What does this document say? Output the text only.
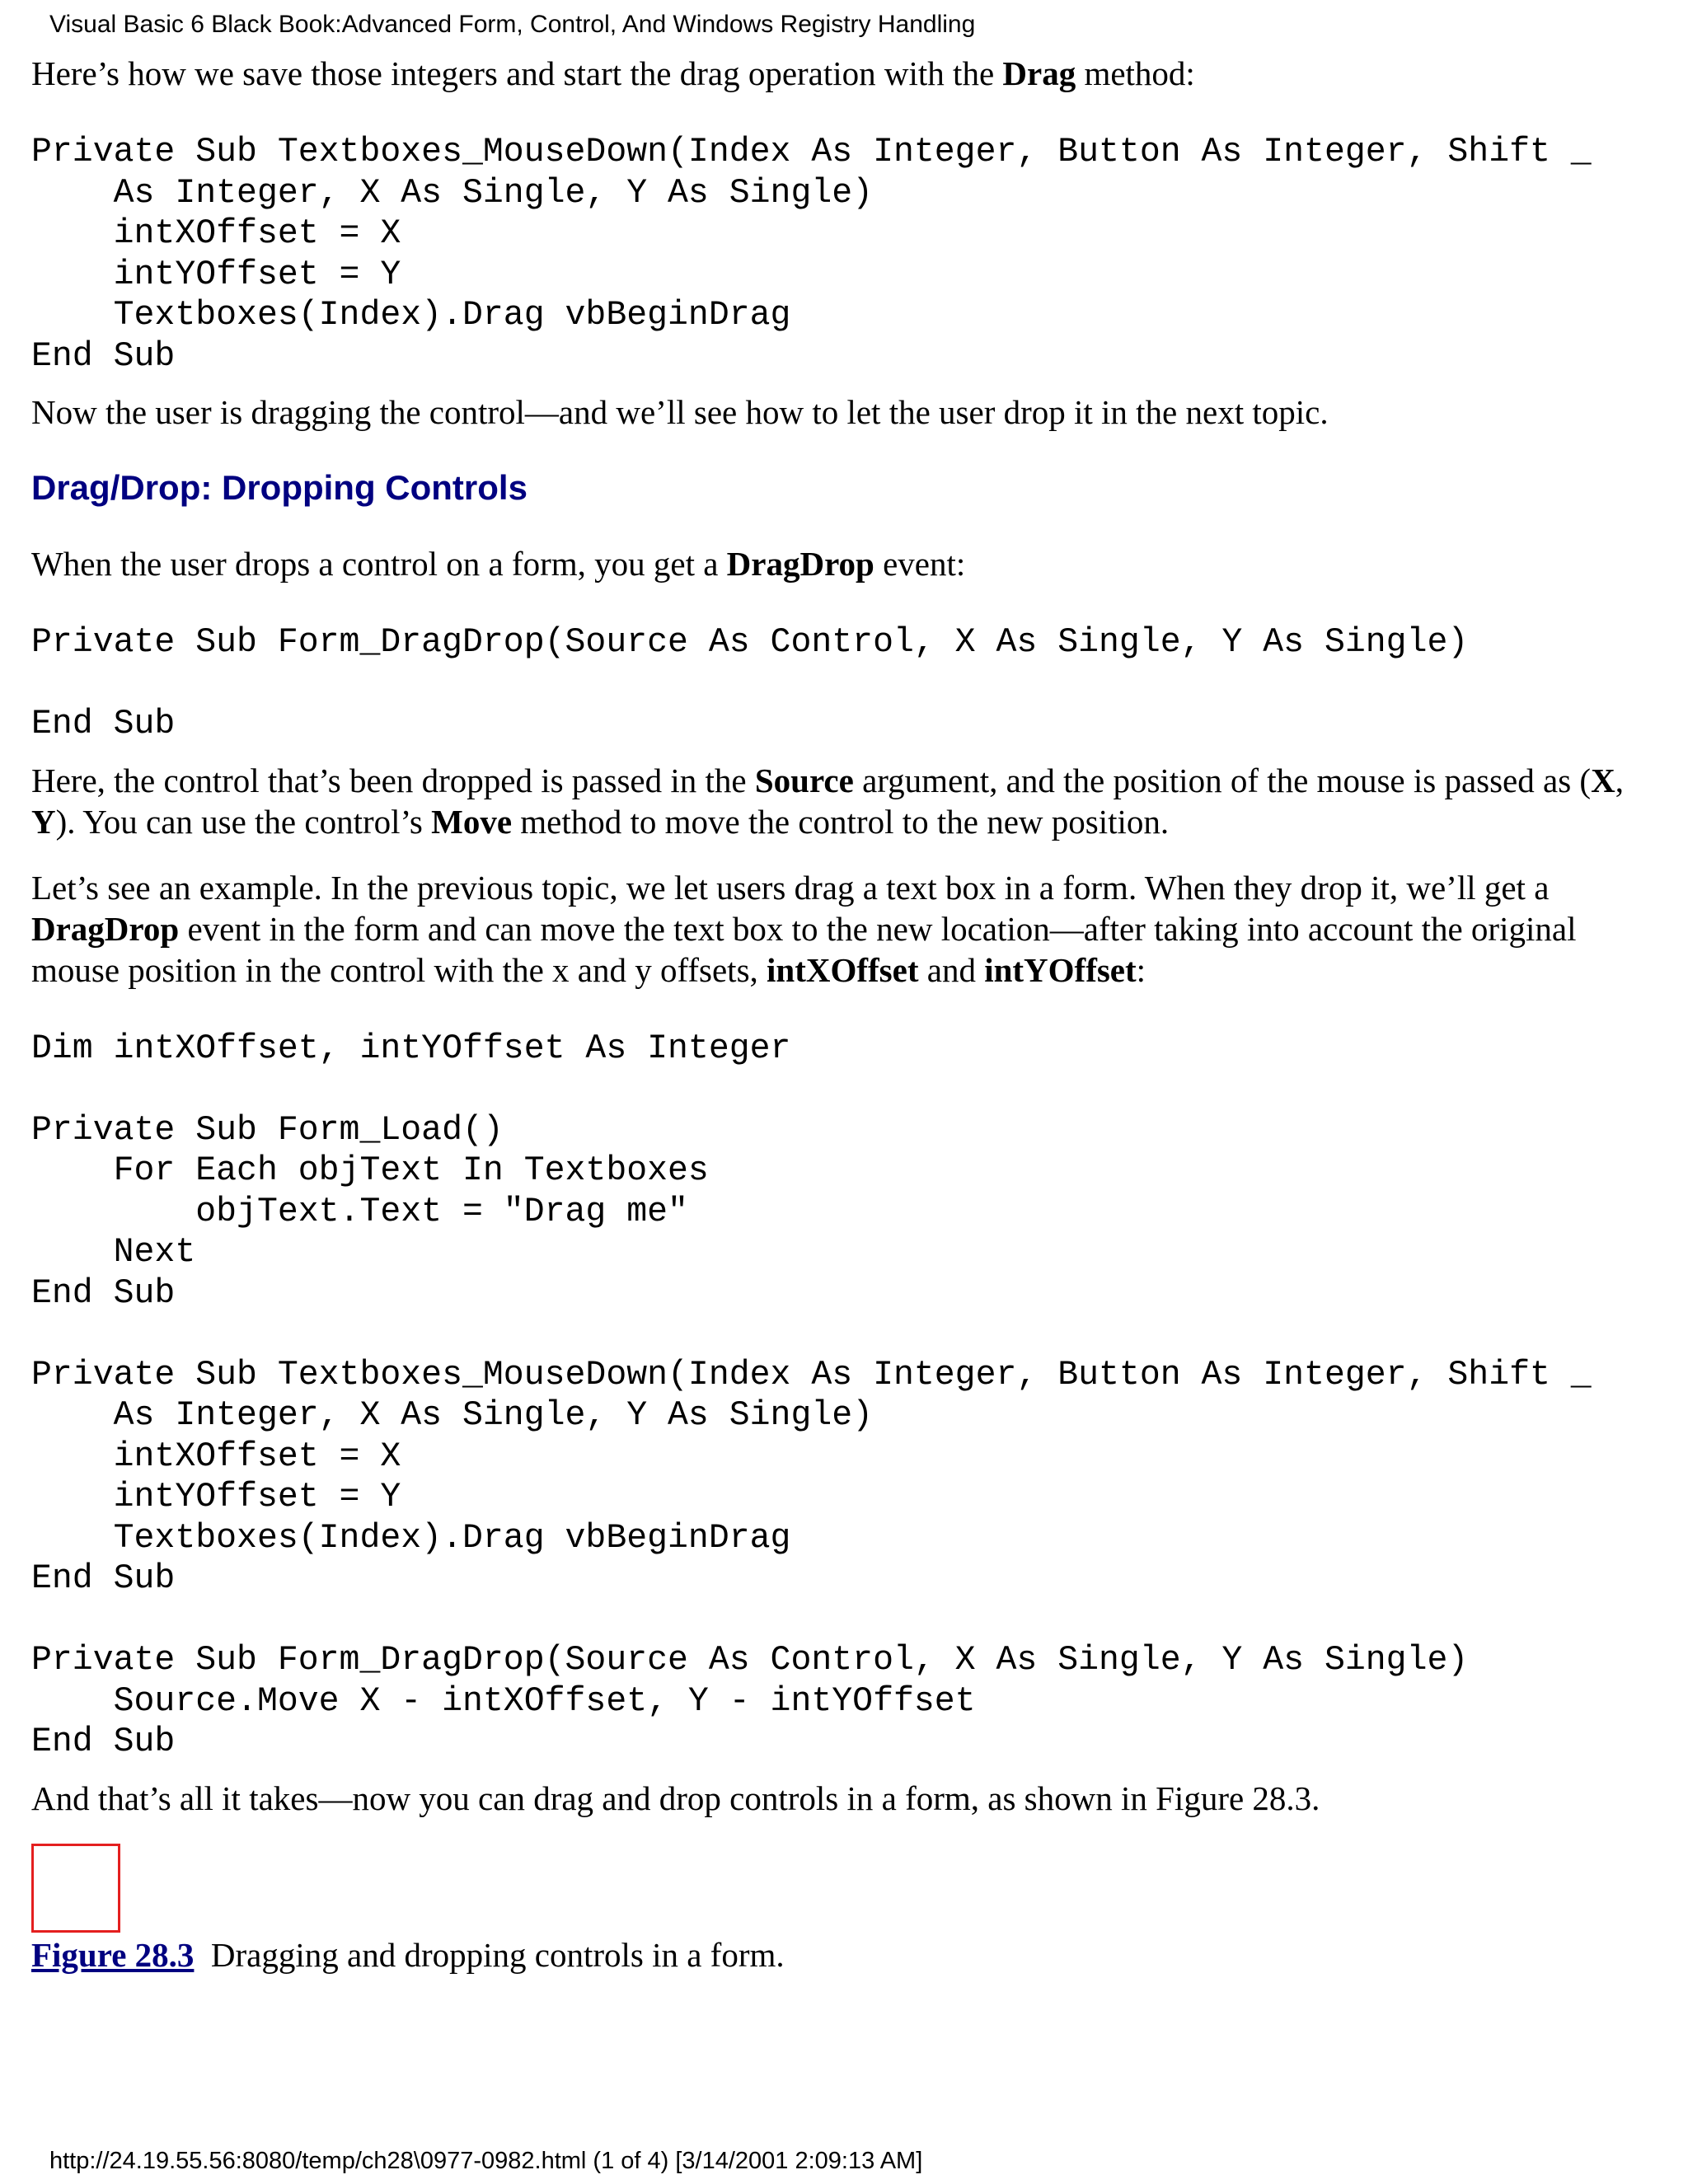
Visual Basic 6 Black Book:Advanced Form, Control, And Windows Registry Handling

Here’s how we save those integers and start the drag operation with the Drag method:

Private Sub Textboxes_MouseDown(Index As Integer, Button As Integer, Shift _
As Integer, X As Single, Y As Single)
intXOffset = X
intYOffset = Y
Textboxes(Index).Drag vbBeginDrag
End Sub

Now the user is dragging the control—and we’ll see how to let the user drop it in the next topic.

Drag/Drop: Dropping Controls

When the user drops a control on a form, you get a DragDrop event:

Private Sub Form_DragDrop(Source As Control, X As Single, Y As Single)

End Sub

Here, the control that’s been dropped is passed in the Source argument, and the position of the mouse is passed as (X, Y). You can use the control’s Move method to move the control to the new position.

Let’s see an example. In the previous topic, we let users drag a text box in a form. When they drop it, we’ll get a DragDrop event in the form and can move the text box to the new location—after taking into account the original mouse position in the control with the x and y offsets, intXOffset and intYOffset:

Dim intXOffset, intYOffset As Integer

Private Sub Form_Load()
For Each objText In Textboxes
objText.Text = "Drag me"
Next
End Sub

Private Sub Textboxes_MouseDown(Index As Integer, Button As Integer, Shift _
As Integer, X As Single, Y As Single)
intXOffset = X
intYOffset = Y
Textboxes(Index).Drag vbBeginDrag
End Sub

Private Sub Form_DragDrop(Source As Control, X As Single, Y As Single)
Source.Move X - intXOffset, Y - intYOffset
End Sub

And that’s all it takes—now you can drag and drop controls in a form, as shown in Figure 28.3.

Figure 28.3  Dragging and dropping controls in a form.

http://24.19.55.56:8080/temp/ch28\0977-0982.html (1 of 4) [3/14/2001 2:09:13 AM]
